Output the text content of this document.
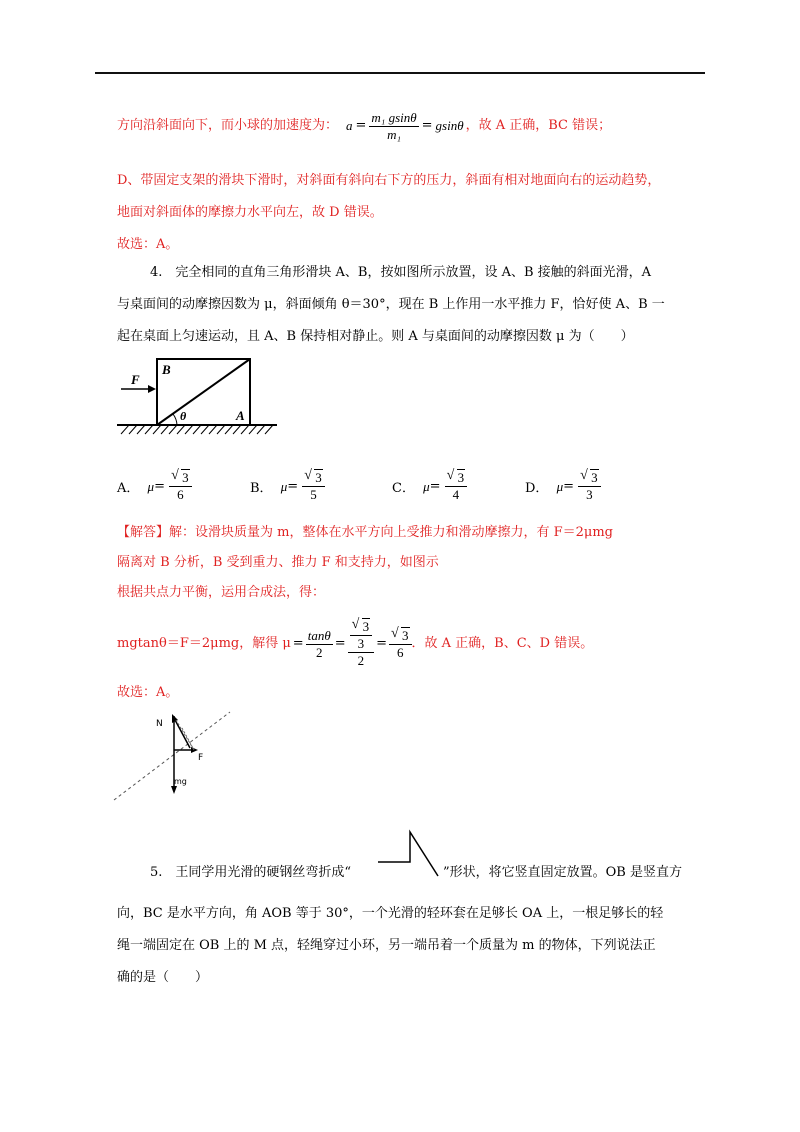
方向沿斜面向下，而小球的加速度为： $a = \frac{\text{m₁ gsinθ}}{\text{m₁}} = gsin\theta$ ，故 A 正确，BC 错误；
D、带固定支架的滑块下滑时，对斜面有斜向右下方的压力，斜面有相对地面向右的运动趋势，
地面对斜面体的摩擦力水平向左，故 D 错误。
故选：A。
4.　完全相同的直角三角形滑块 A、B，按如图所示放置，设 A、B 接触的斜面光滑，A
与桌面间的动摩擦因数为 μ，斜面倾角 θ＝30°，现在 B 上作用一水平推力 F，恰好使 A、B 一
起在桌面上匀速运动，且 A、B 保持相对静止。则 A 与桌面间的动摩擦因数 μ 为（　　）
F
B
A
θ
A． $\mu= \frac{√ 3}{6}$	B． $\mu= \frac{√ 3}{5}$	C． $\mu= \frac{√ 3}{4}$	D． $\mu= \frac{√ 3}{3}$
【解答】解：设滑块质量为 m，整体在水平方向上受推力和滑动摩擦力，有 F＝2μmg
隔离对 B 分析，B 受到重力、推力 F 和支持力，如图示
根据共点力平衡，运用合成法，得：
mgtanθ＝F＝2μmg，解得 $\mu = \frac{\tan\theta}{2} = \frac{\frac{√ 3}{3}}{2} = \frac{√ 3}{6}$ ．故 A 正确，B、C、D 错误。
故选：A。
N
F
mg
5.　王同学用光滑的硬钢丝弯折成“	”形状，将它竖直固定放置。OB 是竖直方
向，BC 是水平方向，角 AOB 等于 30°，一个光滑的轻环套在足够长 OA 上，一根足够长的轻
绳一端固定在 OB 上的 M 点，轻绳穿过小环，另一端吊着一个质量为 m 的物体，下列说法正
确的是（　　）
